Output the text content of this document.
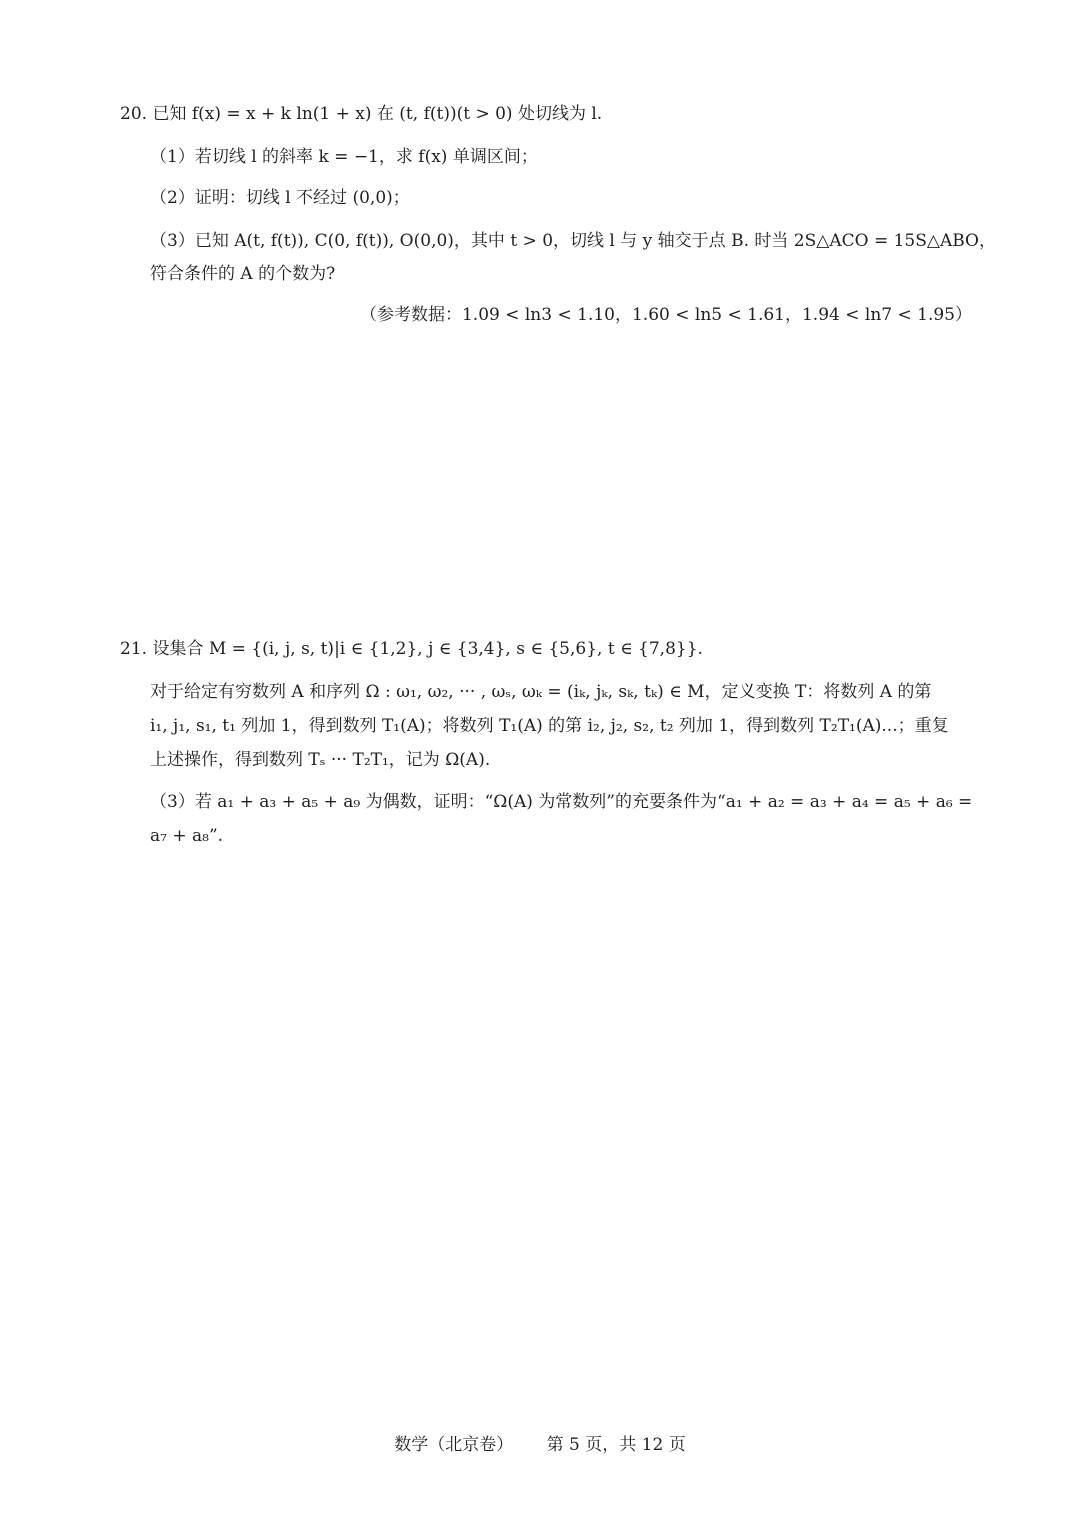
20. 已知 f(x) = x + k ln(1 + x) 在 (t, f(t))(t > 0) 处切线为 l.
（1）若切线 l 的斜率 k = −1，求 f(x) 单调区间；
（2）证明：切线 l 不经过 (0,0)；
（3）已知 A(t, f(t)), C(0, f(t)), O(0,0)，其中 t > 0，切线 l 与 y 轴交于点 B. 时当 2S△ACO = 15S△ABO，
符合条件的 A 的个数为?
（参考数据：1.09 < ln3 < 1.10，1.60 < ln5 < 1.61，1.94 < ln7 < 1.95）
21. 设集合 M = {(i, j, s, t)|i ∈ {1,2}, j ∈ {3,4}, s ∈ {5,6}, t ∈ {7,8}}.
对于给定有穷数列 A 和序列 Ω : ω₁, ω₂, ··· , ωₛ, ωₖ = (iₖ, jₖ, sₖ, tₖ) ∈ M，定义变换 T：将数列 A 的第
i₁, j₁, s₁, t₁ 列加 1，得到数列 T₁(A)；将数列 T₁(A) 的第 i₂, j₂, s₂, t₂ 列加 1，得到数列 T₂T₁(A)...；重复
上述操作，得到数列 Tₛ ··· T₂T₁，记为 Ω(A).
（3）若 a₁ + a₃ + a₅ + a₉ 为偶数，证明：“Ω(A) 为常数列”的充要条件为“a₁ + a₂ = a₃ + a₄ = a₅ + a₆ =
a₇ + a₈”.
数学（北京卷） 第 5 页，共 12 页
